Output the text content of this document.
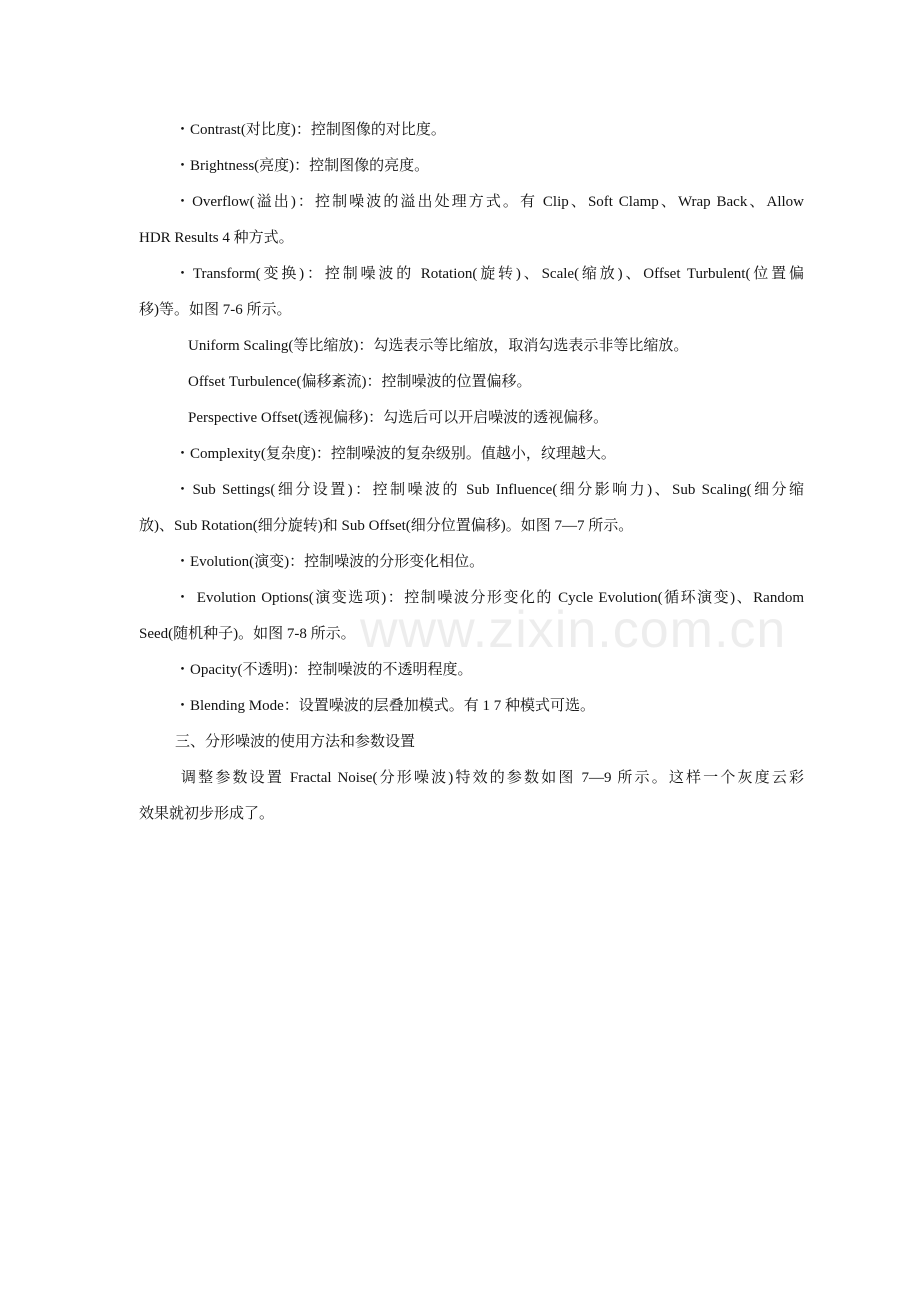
・Contrast(对比度)：控制图像的对比度。

・Brightness(亮度)：控制图像的亮度。

・Overflow(溢出)：控制噪波的溢出处理方式。有 Clip、Soft Clamp、Wrap Back、Allow
HDR Results 4 种方式。

・Transform(变换)：控制噪波的 Rotation(旋转)、Scale(缩放)、Offset Turbulent(位置偏
移)等。如图 7-6 所示。

Uniform Scaling(等比缩放)：勾选表示等比缩放，取消勾选表示非等比缩放。

Offset Turbulence(偏移紊流)：控制噪波的位置偏移。

Perspective Offset(透视偏移)：勾选后可以开启噪波的透视偏移。

・Complexity(复杂度)：控制噪波的复杂级别。值越小，纹理越大。

・Sub Settings(细分设置)：控制噪波的 Sub Influence(细分影响力)、Sub Scaling(细分缩
放)、Sub Rotation(细分旋转)和 Sub Offset(细分位置偏移)。如图 7—7 所示。

・Evolution(演变)：控制噪波的分形变化相位。

・ Evolution Options(演变选项)：控制噪波分形变化的 Cycle Evolution(循环演变)、Random
Seed(随机种子)。如图 7-8 所示。

・Opacity(不透明)：控制噪波的不透明程度。

・Blending Mode：设置噪波的层叠加模式。有 1 7 种模式可选。

三、分形噪波的使用方法和参数设置

调整参数设置 Fractal Noise(分形噪波)特效的参数如图 7—9 所示。这样一个灰度云彩
效果就初步形成了。

www.zixin.com.cn
